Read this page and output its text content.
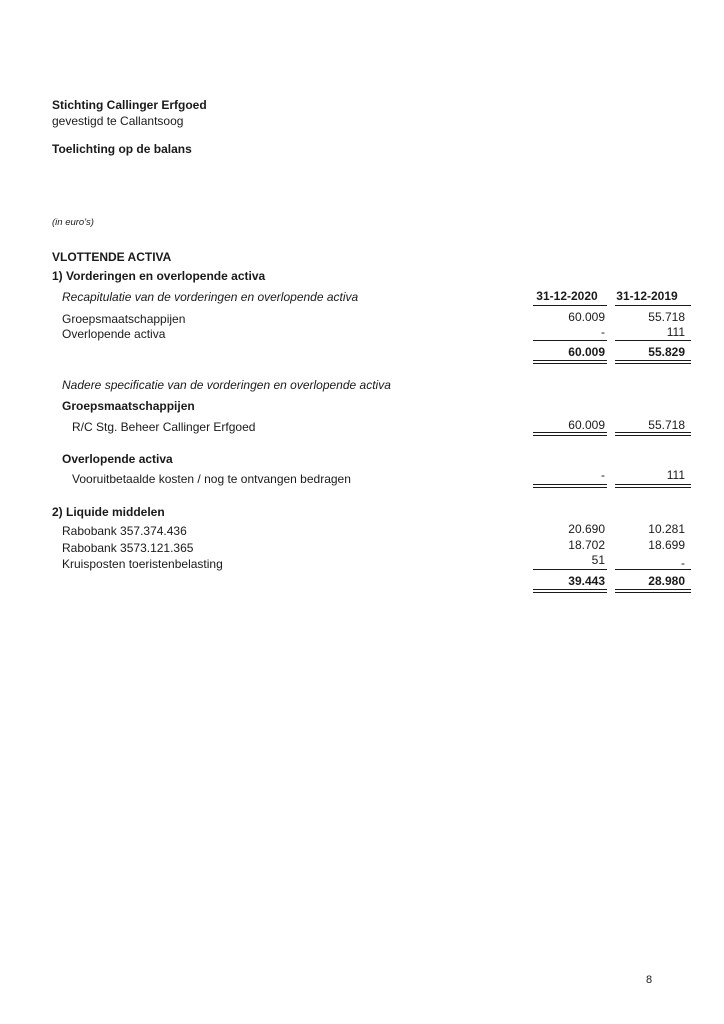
Stichting Callinger Erfgoed
gevestigd te Callantsoog
Toelichting op de balans
(in euro's)
VLOTTENDE ACTIVA
1) Vorderingen en overlopende activa
Recapitulatie van de vorderingen en overlopende activa	31-12-2020	31-12-2019
Groepsmaatschappijen	60.009	55.718
Overlopende activa	-	111
60.009	55.829
Nadere specificatie van de vorderingen en overlopende activa
Groepsmaatschappijen
R/C Stg. Beheer Callinger Erfgoed	60.009	55.718
Overlopende activa
Vooruitbetaalde kosten / nog te ontvangen bedragen	-	111
2) Liquide middelen
Rabobank 357.374.436	20.690	10.281
Rabobank 3573.121.365	18.702	18.699
Kruisposten toeristenbelasting	51	-
39.443	28.980
8
